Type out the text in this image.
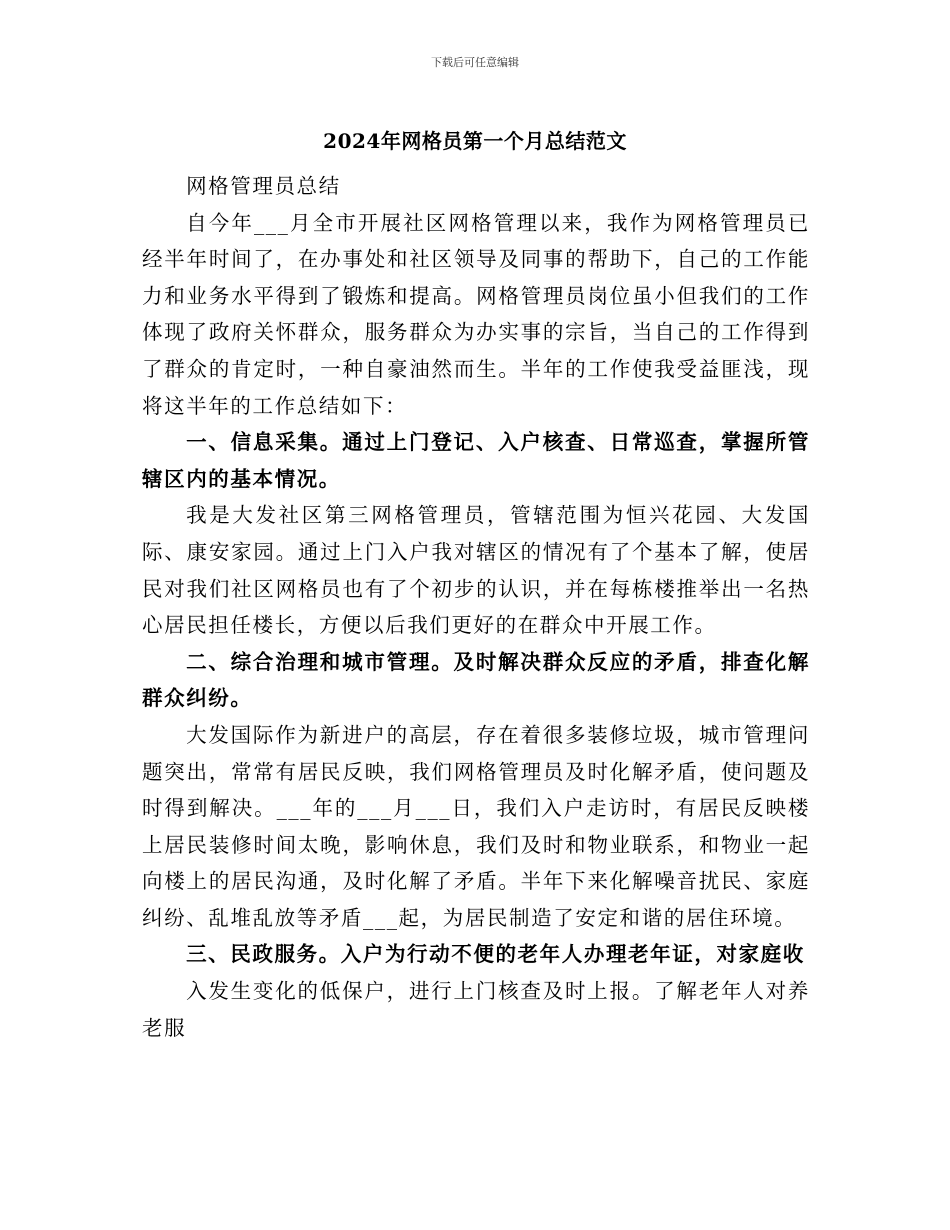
下载后可任意编辑
2024年网格员第一个月总结范文

网格管理员总结

自今年___月全市开展社区网格管理以来，我作为网格管理员已经半年时间了，在办事处和社区领导及同事的帮助下，自己的工作能力和业务水平得到了锻炼和提高。网格管理员岗位虽小但我们的工作体现了政府关怀群众，服务群众为办实事的宗旨，当自己的工作得到了群众的肯定时，一种自豪油然而生。半年的工作使我受益匪浅，现将这半年的工作总结如下：

一、信息采集。通过上门登记、入户核查、日常巡查，掌握所管辖区内的基本情况。

我是大发社区第三网格管理员，管辖范围为恒兴花园、大发国际、康安家园。通过上门入户我对辖区的情况有了个基本了解，使居民对我们社区网格员也有了个初步的认识，并在每栋楼推举出一名热心居民担任楼长，方便以后我们更好的在群众中开展工作。

二、综合治理和城市管理。及时解决群众反应的矛盾，排查化解群众纠纷。

大发国际作为新进户的高层，存在着很多装修垃圾，城市管理问题突出，常常有居民反映，我们网格管理员及时化解矛盾，使问题及时得到解决。___年的___月___日，我们入户走访时，有居民反映楼上居民装修时间太晚，影响休息，我们及时和物业联系，和物业一起向楼上的居民沟通，及时化解了矛盾。半年下来化解噪音扰民、家庭纠纷、乱堆乱放等矛盾___起，为居民制造了安定和谐的居住环境。

三、民政服务。入户为行动不便的老年人办理老年证，对家庭收

入发生变化的低保户，进行上门核查及时上报。了解老年人对养老服
